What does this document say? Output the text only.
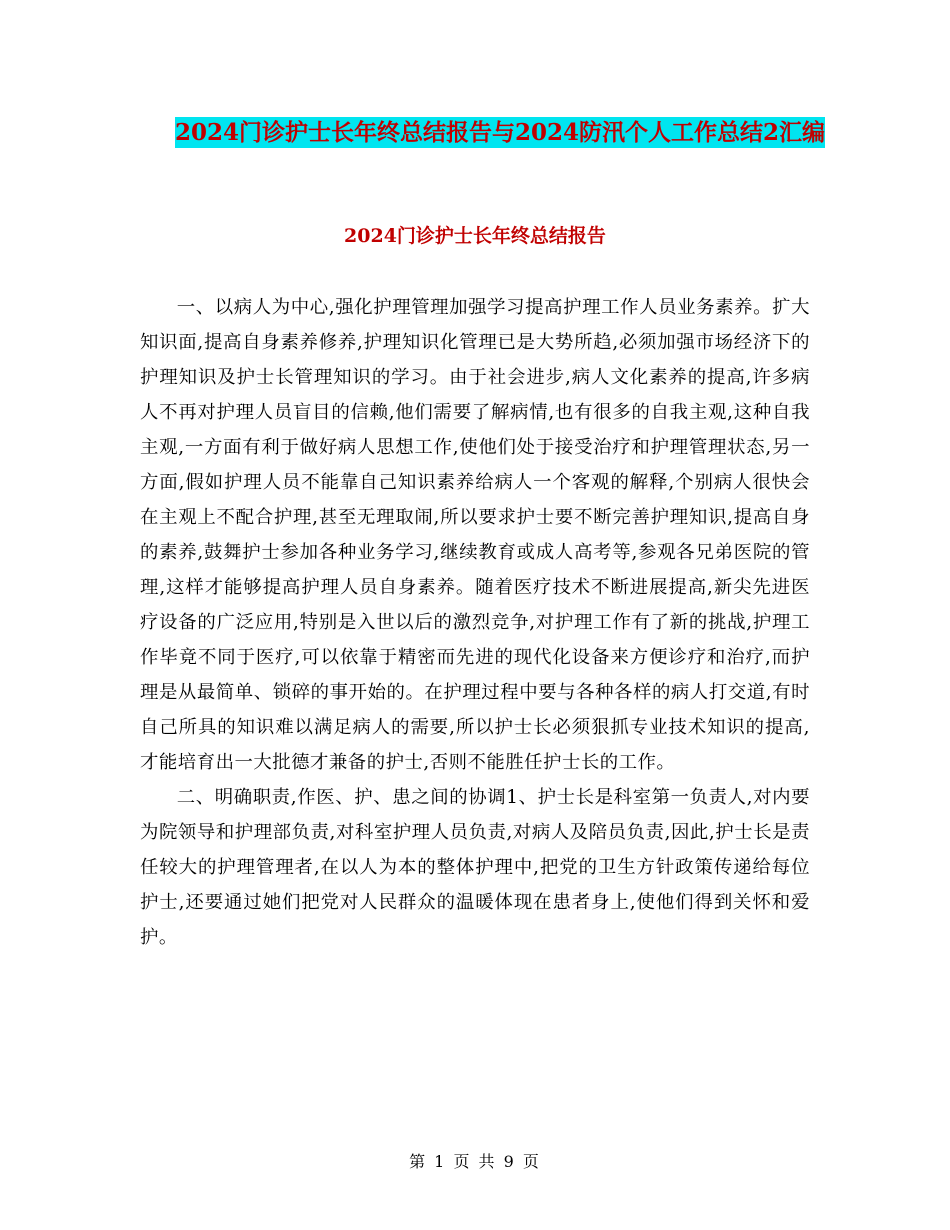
2024门诊护士长年终总结报告与2024防汛个人工作总结2汇编
2024门诊护士长年终总结报告

一、以病人为中心,强化护理管理加强学习提高护理工作人员业务素养。扩大知识面,提高自身素养修养,护理知识化管理已是大势所趋,必须加强市场经济下的护理知识及护士长管理知识的学习。由于社会进步,病人文化素养的提高,许多病人不再对护理人员盲目的信赖,他们需要了解病情,也有很多的自我主观,这种自我主观,一方面有利于做好病人思想工作,使他们处于接受治疗和护理管理状态,另一方面,假如护理人员不能靠自己知识素养给病人一个客观的解释,个别病人很快会在主观上不配合护理,甚至无理取闹,所以要求护士要不断完善护理知识,提高自身的素养,鼓舞护士参加各种业务学习,继续教育或成人高考等,参观各兄弟医院的管理,这样才能够提高护理人员自身素养。随着医疗技术不断进展提高,新尖先进医疗设备的广泛应用,特别是入世以后的激烈竞争,对护理工作有了新的挑战,护理工作毕竟不同于医疗,可以依靠于精密而先进的现代化设备来方便诊疗和治疗,而护理是从最简单、锁碎的事开始的。在护理过程中要与各种各样的病人打交道,有时自己所具的知识难以满足病人的需要,所以护士长必须狠抓专业技术知识的提高,才能培育出一大批德才兼备的护士,否则不能胜任护士长的工作。

二、明确职责,作医、护、患之间的协调1、护士长是科室第一负责人,对内要为院领导和护理部负责,对科室护理人员负责,对病人及陪员负责,因此,护士长是责任较大的护理管理者,在以人为本的整体护理中,把党的卫生方针政策传递给每位护士,还要通过她们把党对人民群众的温暖体现在患者身上,使他们得到关怀和爱护。

第 1 页 共 9 页
